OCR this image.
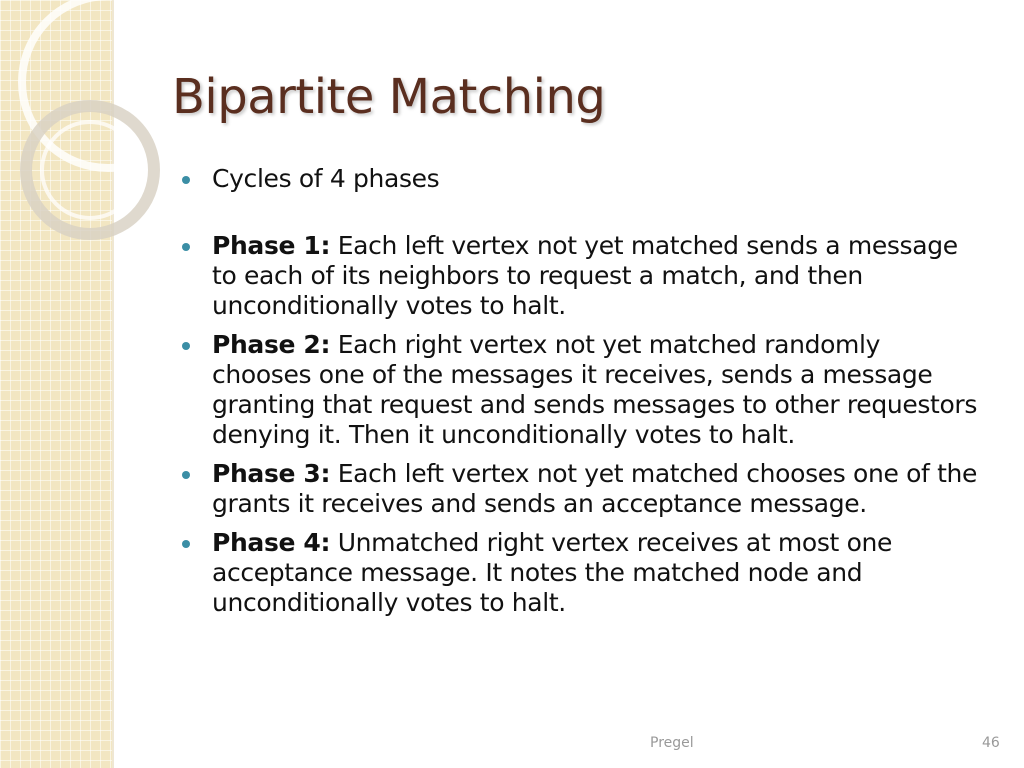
Bipartite Matching
Cycles of 4 phases
Phase 1: Each left vertex not yet matched sends a message to each of its neighbors to request a match, and then unconditionally votes to halt.
Phase 2: Each right vertex not yet matched randomly chooses one of the messages it receives, sends a message granting that request and sends messages to other requestors denying it. Then it unconditionally votes to halt.
Phase 3: Each left vertex not yet matched chooses one of the grants it receives and sends an acceptance message.
Phase 4: Unmatched right vertex receives at most one acceptance message. It notes the matched node and unconditionally votes to halt.
Pregel	46
